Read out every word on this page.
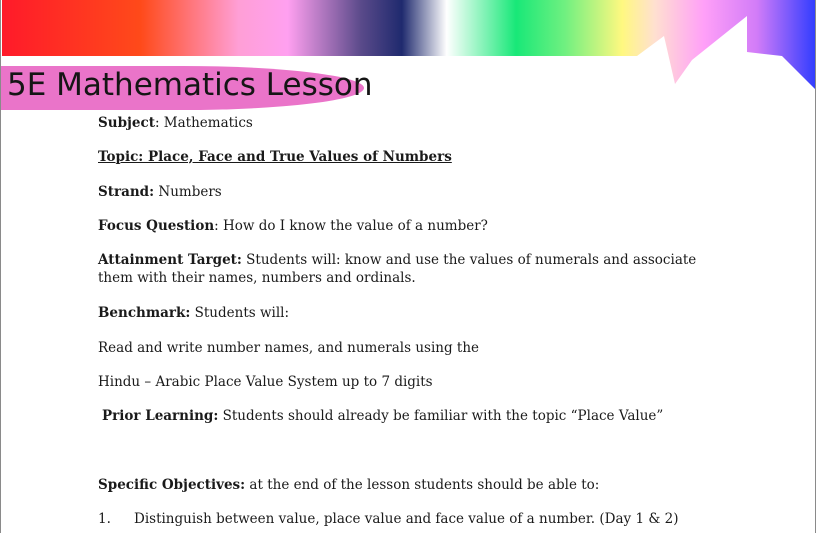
5E Mathematics Lesson
Subject: Mathematics
Topic: Place, Face and True Values of Numbers
Strand: Numbers
Focus Question: How do I know the value of a number?
Attainment Target: Students will: know and use the values of numerals and associate
them with their names, numbers and ordinals.
Benchmark: Students will:
Read and write number names, and numerals using the
Hindu – Arabic Place Value System up to 7 digits
Prior Learning: Students should already be familiar with the topic “Place Value”
Specific Objectives: at the end of the lesson students should be able to:
1. Distinguish between value, place value and face value of a number. (Day 1 & 2)
